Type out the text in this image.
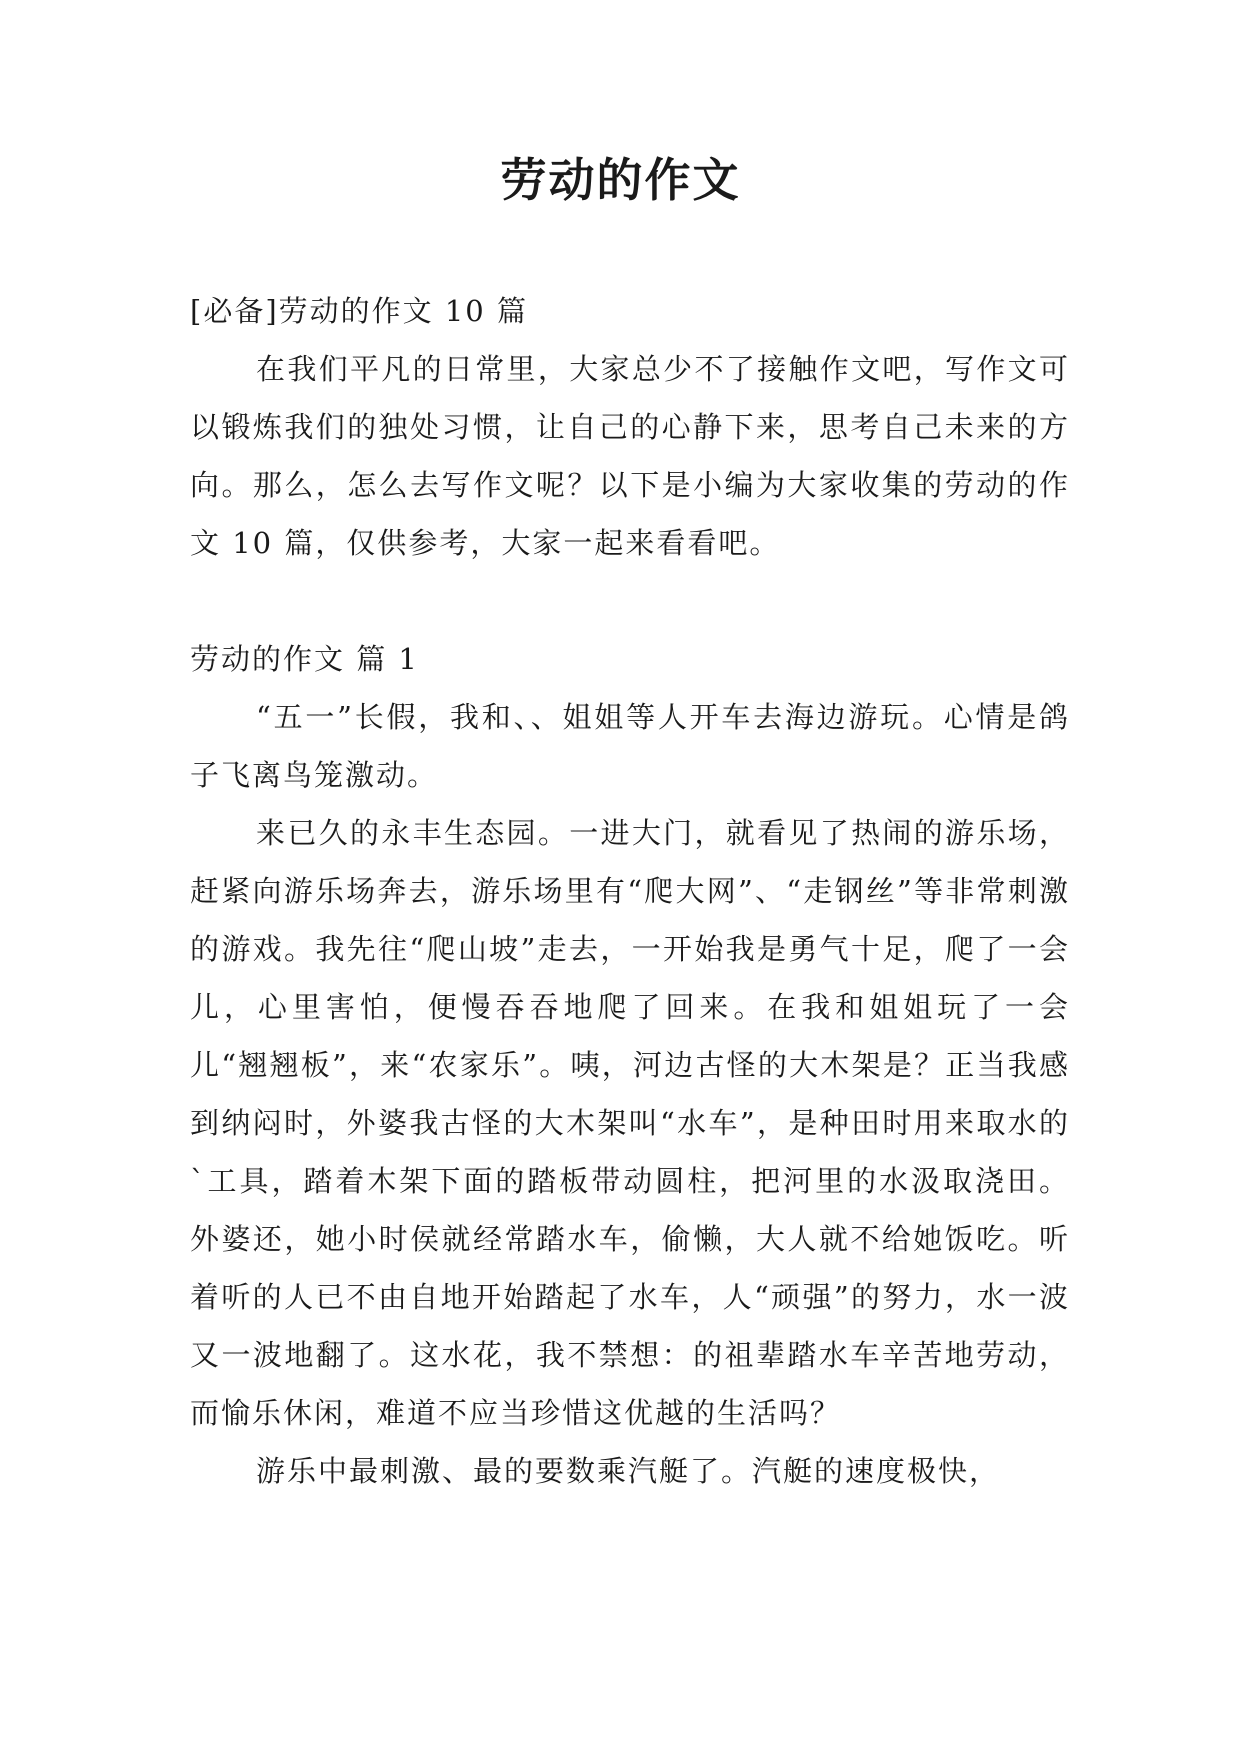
劳动的作文

[必备]劳动的作文 10 篇

在我们平凡的日常里，大家总少不了接触作文吧，写作文可以锻炼我们的独处习惯，让自己的心静下来，思考自己未来的方向。那么，怎么去写作文呢？以下是小编为大家收集的劳动的作文 10 篇，仅供参考，大家一起来看看吧。

劳动的作文 篇 1

“五一”长假，我和、、姐姐等人开车去海边游玩。心情是鸽子飞离鸟笼激动。

来已久的永丰生态园。一进大门，就看见了热闹的游乐场，赶紧向游乐场奔去，游乐场里有“爬大网”、“走钢丝”等非常刺激的游戏。我先往“爬山坡”走去，一开始我是勇气十足，爬了一会儿，心里害怕，便慢吞吞地爬了回来。在我和姐姐玩了一会儿“翘翘板”，来“农家乐”。咦，河边古怪的大木架是？正当我感到纳闷时，外婆我古怪的大木架叫“水车”，是种田时用来取水的`工具，踏着木架下面的踏板带动圆柱，把河里的水汲取浇田。外婆还，她小时侯就经常踏水车，偷懒，大人就不给她饭吃。听着听的人已不由自地开始踏起了水车，人“顽强”的努力，水一波又一波地翻了。这水花，我不禁想：的祖辈踏水车辛苦地劳动，而愉乐休闲，难道不应当珍惜这优越的生活吗？

游乐中最刺激、最的要数乘汽艇了。汽艇的速度极快，
